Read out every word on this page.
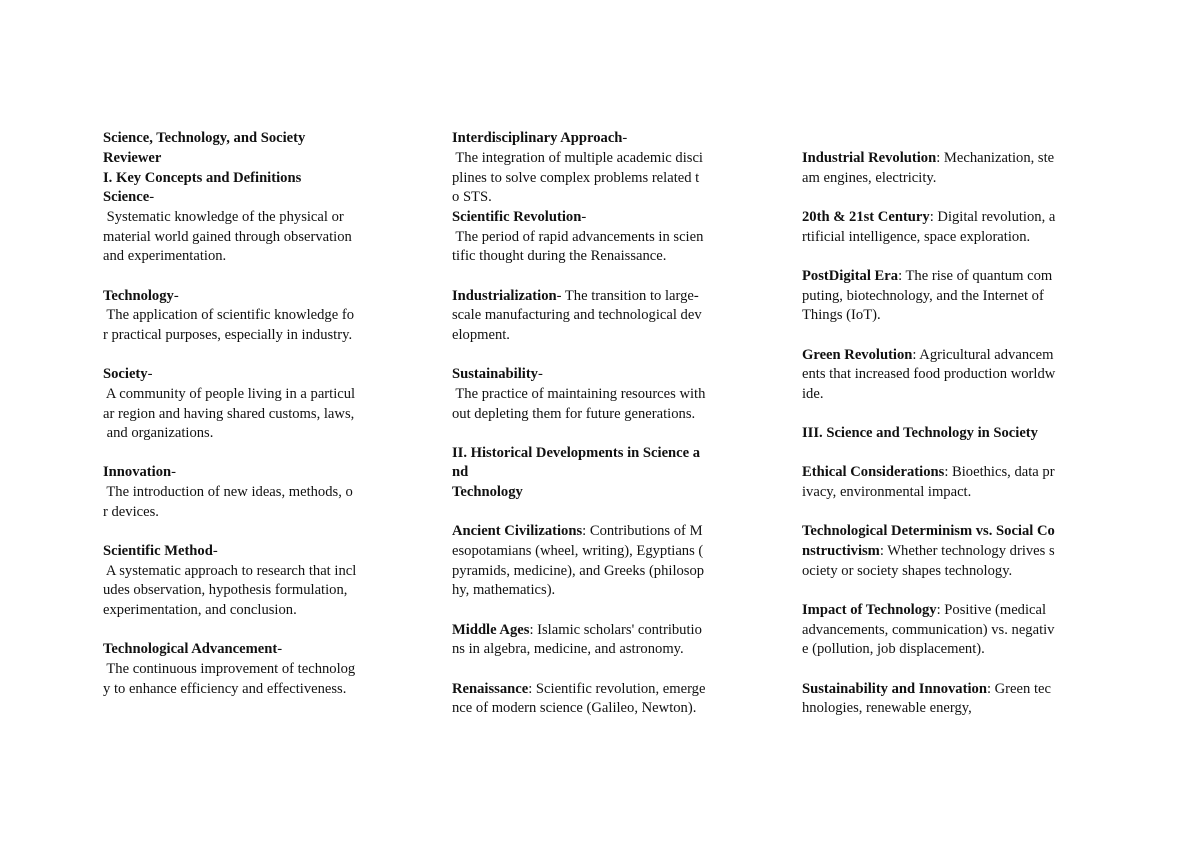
Science, Technology, and Society
Reviewer
I. Key Concepts and Definitions
Science-
Systematic knowledge of the physical or
material world gained through observation
and experimentation.
Technology-
The application of scientific knowledge fo
r practical purposes, especially in industry.
Society-
A community of people living in a particul
ar region and having shared customs, laws,
and organizations.
Innovation-
The introduction of new ideas, methods, o
r devices.
Scientific Method-
A systematic approach to research that incl
udes observation, hypothesis formulation,
experimentation, and conclusion.
Technological Advancement-
The continuous improvement of technolog
y to enhance efficiency and effectiveness.
Interdisciplinary Approach-
The integration of multiple academic disci
plines to solve complex problems related t
o STS.
Scientific Revolution-
The period of rapid advancements in scien
tific thought during the Renaissance.
Industrialization- The transition to large-
scale manufacturing and technological dev
elopment.
Sustainability-
The practice of maintaining resources with
out depleting them for future generations.
II. Historical Developments in Science a
nd
Technology
Ancient Civilizations: Contributions of M
esopotamians (wheel, writing), Egyptians (
pyramids, medicine), and Greeks (philosop
hy, mathematics).
Middle Ages: Islamic scholars' contributio
ns in algebra, medicine, and astronomy.
Renaissance: Scientific revolution, emerge
nce of modern science (Galileo, Newton).
Industrial Revolution: Mechanization, ste
am engines, electricity.
20th & 21st Century: Digital revolution, a
rtificial intelligence, space exploration.
PostDigital Era: The rise of quantum com
puting, biotechnology, and the Internet of
Things (IoT).
Green Revolution: Agricultural advancem
ents that increased food production worldw
ide.
III. Science and Technology in Society
Ethical Considerations: Bioethics, data pr
ivacy, environmental impact.
Technological Determinism vs. Social Co
nstructivism: Whether technology drives s
ociety or society shapes technology.
Impact of Technology: Positive (medical
advancements, communication) vs. negativ
e (pollution, job displacement).
Sustainability and Innovation: Green tec
hnologies, renewable energy,
